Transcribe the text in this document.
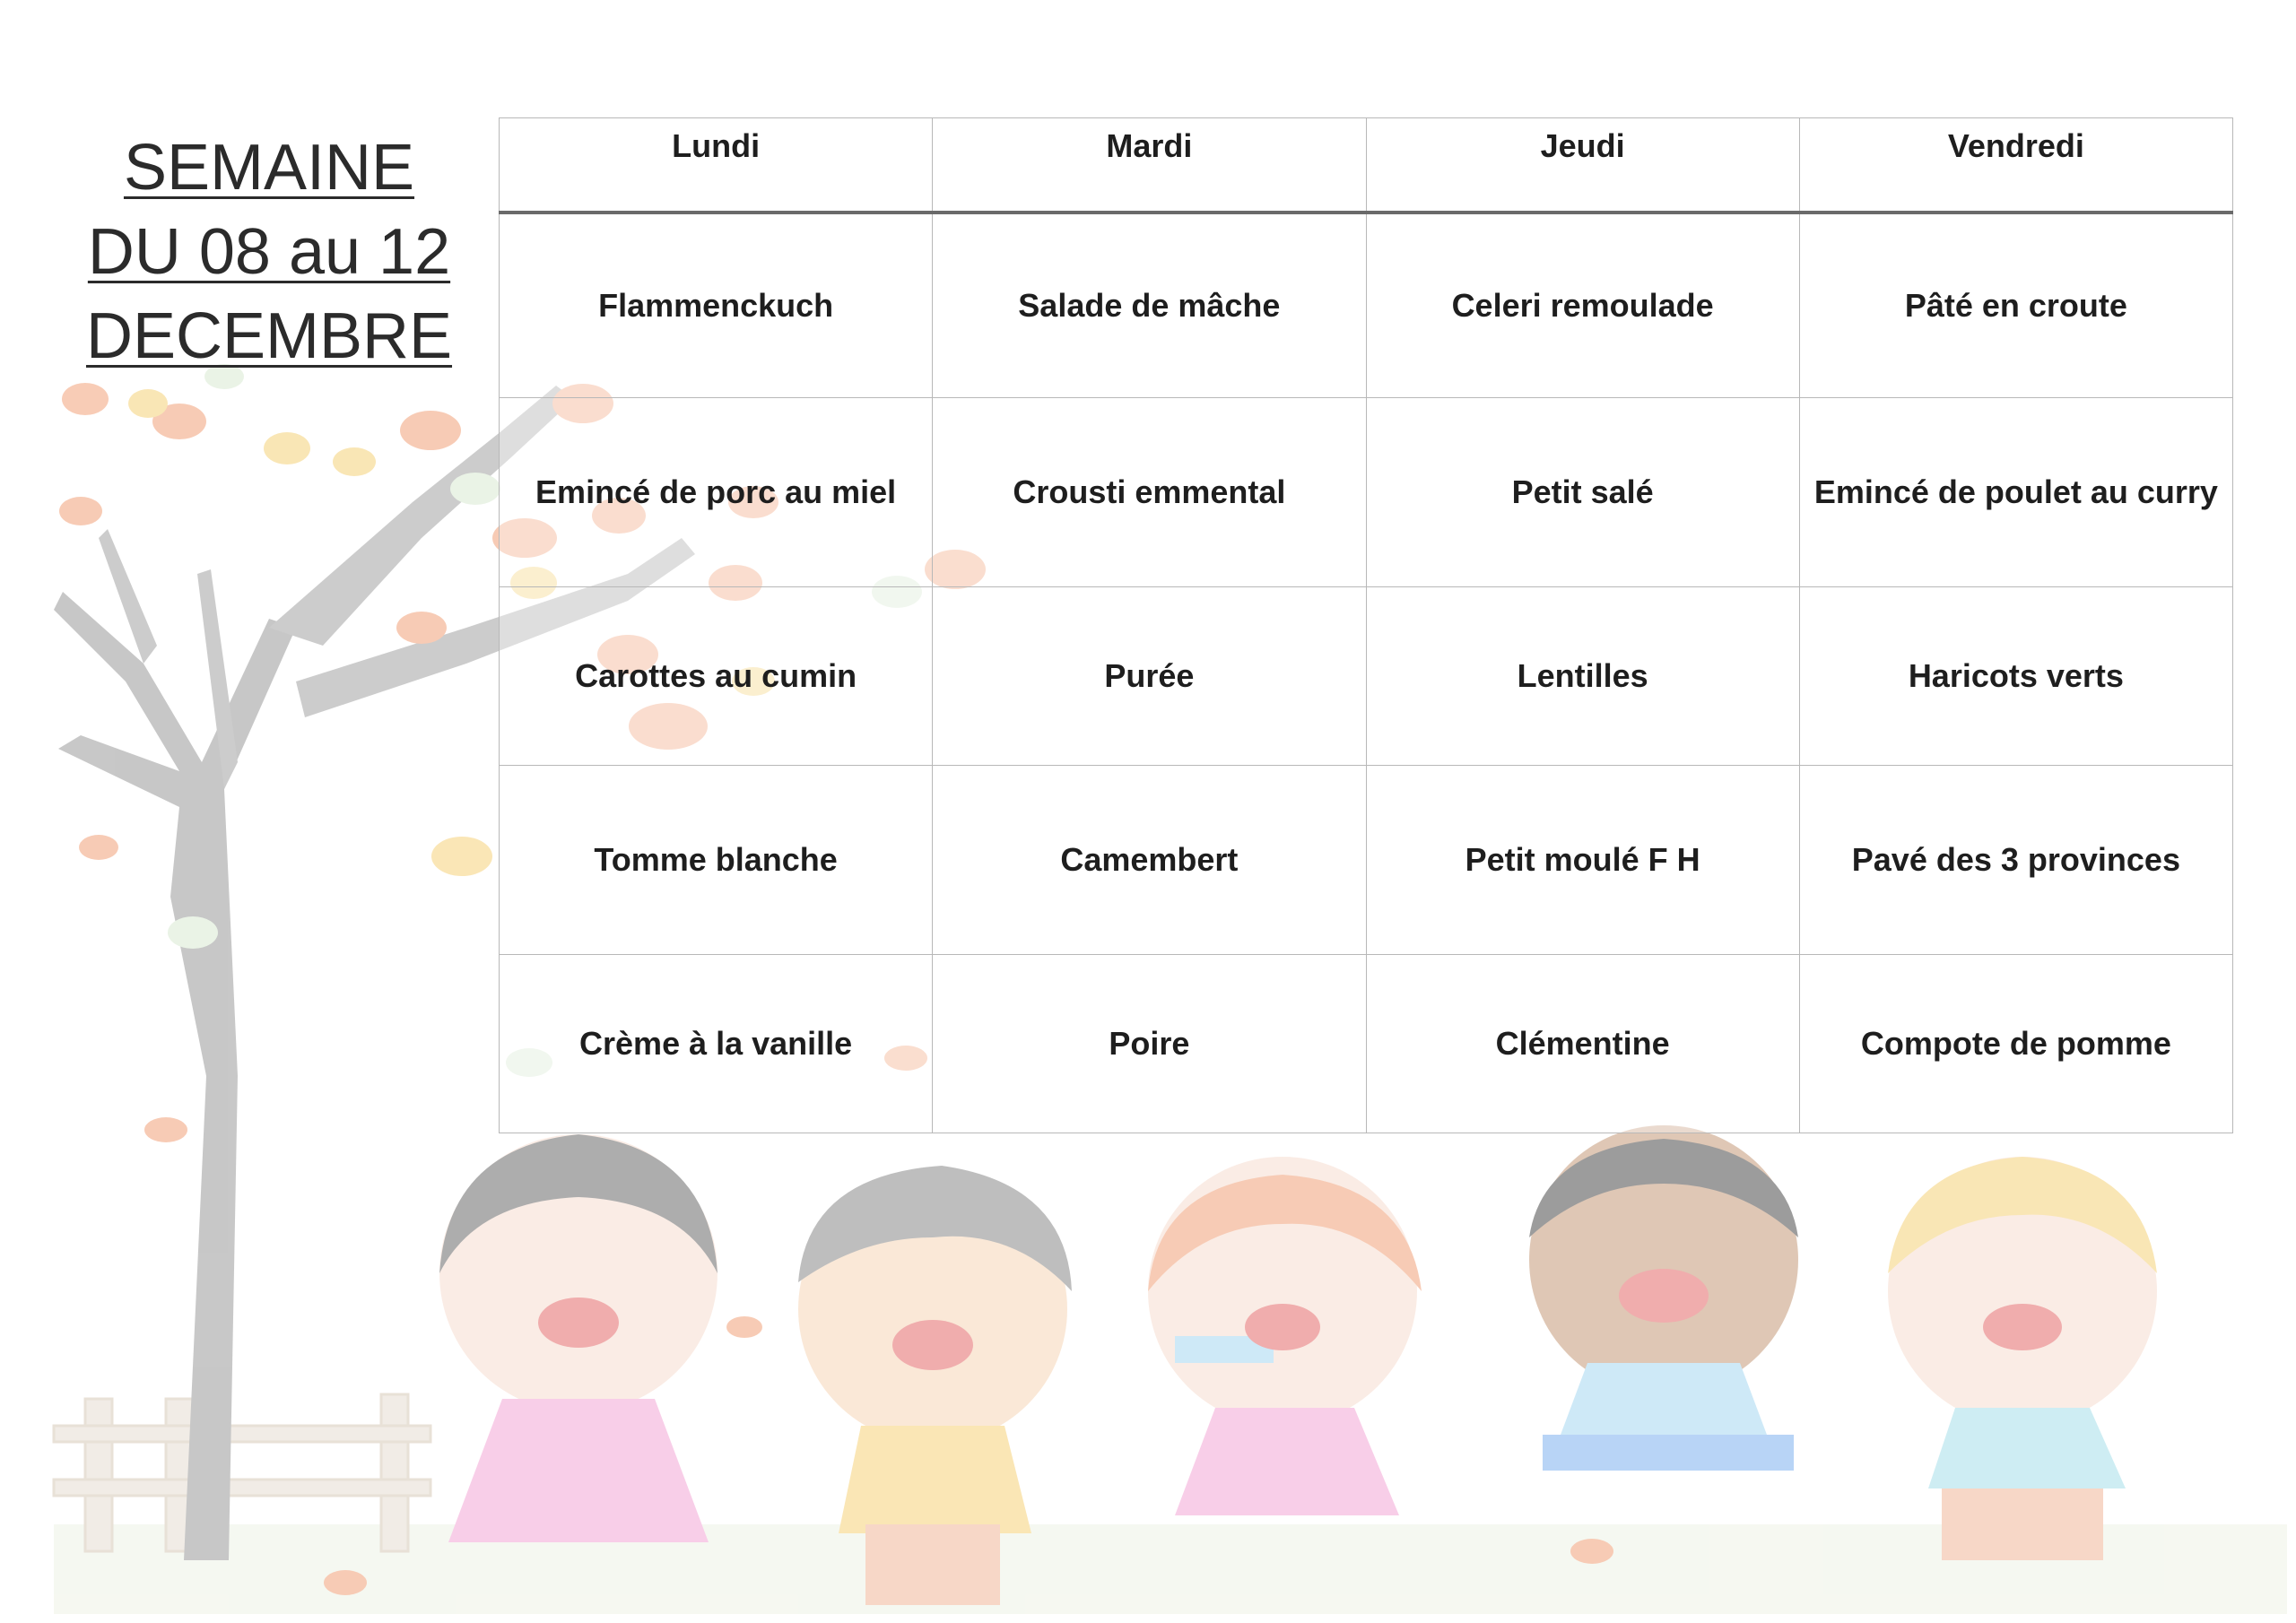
SEMAINE
DU 08 au 12
DECEMBRE
Lundi	Mardi	Jeudi	Vendredi
Flammenckuch	Salade de mâche	Celeri remoulade	Pâté en croute
Emincé de porc au miel	Crousti emmental	Petit salé	Emincé de poulet au curry
Carottes au cumin	Purée	Lentilles	Haricots verts
Tomme blanche	Camembert	Petit moulé F H	Pavé des 3 provinces
Crème à la vanille	Poire	Clémentine	Compote de pomme
